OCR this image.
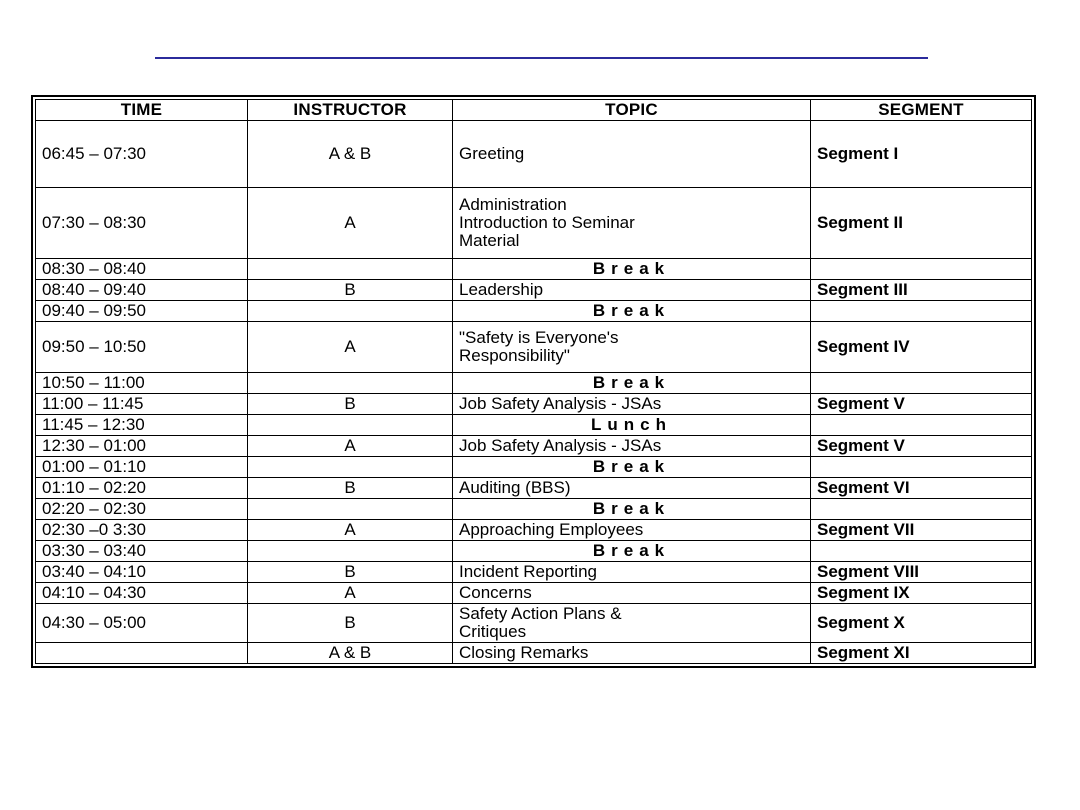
TIME	INSTRUCTOR	TOPIC	SEGMENT
06:45 – 07:30	A & B	Greeting	Segment I
07:30 – 08:30	A	Administration
Introduction to Seminar
Material	Segment II
08:30 – 08:40		Break	
08:40 – 09:40	B	Leadership	Segment III
09:40 – 09:50		Break	
09:50 – 10:50	A	"Safety is Everyone's
Responsibility"	Segment IV
10:50 – 11:00		Break	
11:00 – 11:45	B	Job Safety Analysis - JSAs	Segment V
11:45 – 12:30		Lunch	
12:30 – 01:00	A	Job Safety Analysis - JSAs	Segment V
01:00 – 01:10		Break	
01:10 – 02:20	B	Auditing (BBS)	Segment VI
02:20 – 02:30		Break	
02:30 –0 3:30	A	Approaching Employees	Segment VII
03:30 – 03:40		Break	
03:40 – 04:10	B	Incident Reporting	Segment VIII
04:10 – 04:30	A	Concerns	Segment IX
04:30 – 05:00	B	Safety Action Plans &
Critiques	Segment X
	A & B	Closing Remarks	Segment XI
